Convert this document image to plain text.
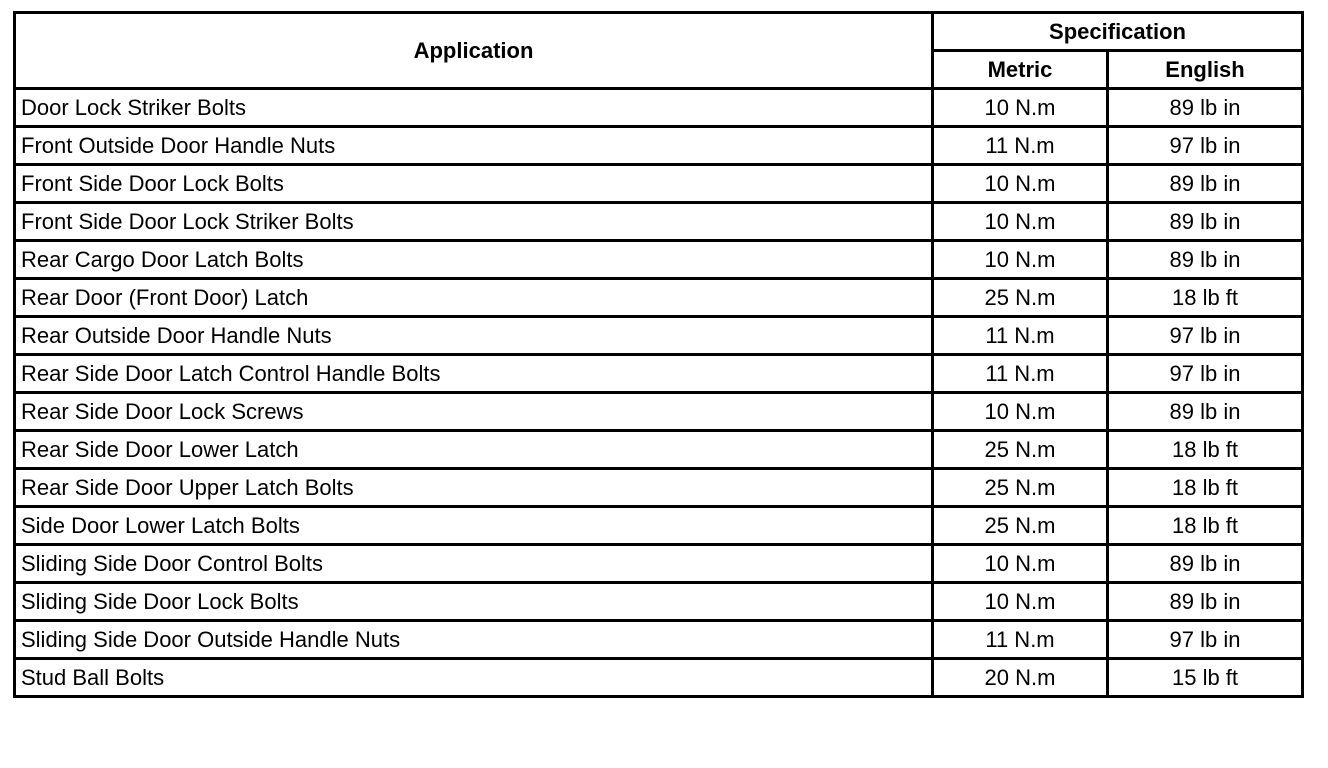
Application	Specification	
	Metric	English
Door Lock Striker Bolts	10 N.m	89 lb in
Front Outside Door Handle Nuts	11 N.m	97 lb in
Front Side Door Lock Bolts	10 N.m	89 lb in
Front Side Door Lock Striker Bolts	10 N.m	89 lb in
Rear Cargo Door Latch Bolts	10 N.m	89 lb in
Rear Door (Front Door) Latch	25 N.m	18 lb ft
Rear Outside Door Handle Nuts	11 N.m	97 lb in
Rear Side Door Latch Control Handle Bolts	11 N.m	97 lb in
Rear Side Door Lock Screws	10 N.m	89 lb in
Rear Side Door Lower Latch	25 N.m	18 lb ft
Rear Side Door Upper Latch Bolts	25 N.m	18 lb ft
Side Door Lower Latch Bolts	25 N.m	18 lb ft
Sliding Side Door Control Bolts	10 N.m	89 lb in
Sliding Side Door Lock Bolts	10 N.m	89 lb in
Sliding Side Door Outside Handle Nuts	11 N.m	97 lb in
Stud Ball Bolts	20 N.m	15 lb ft
